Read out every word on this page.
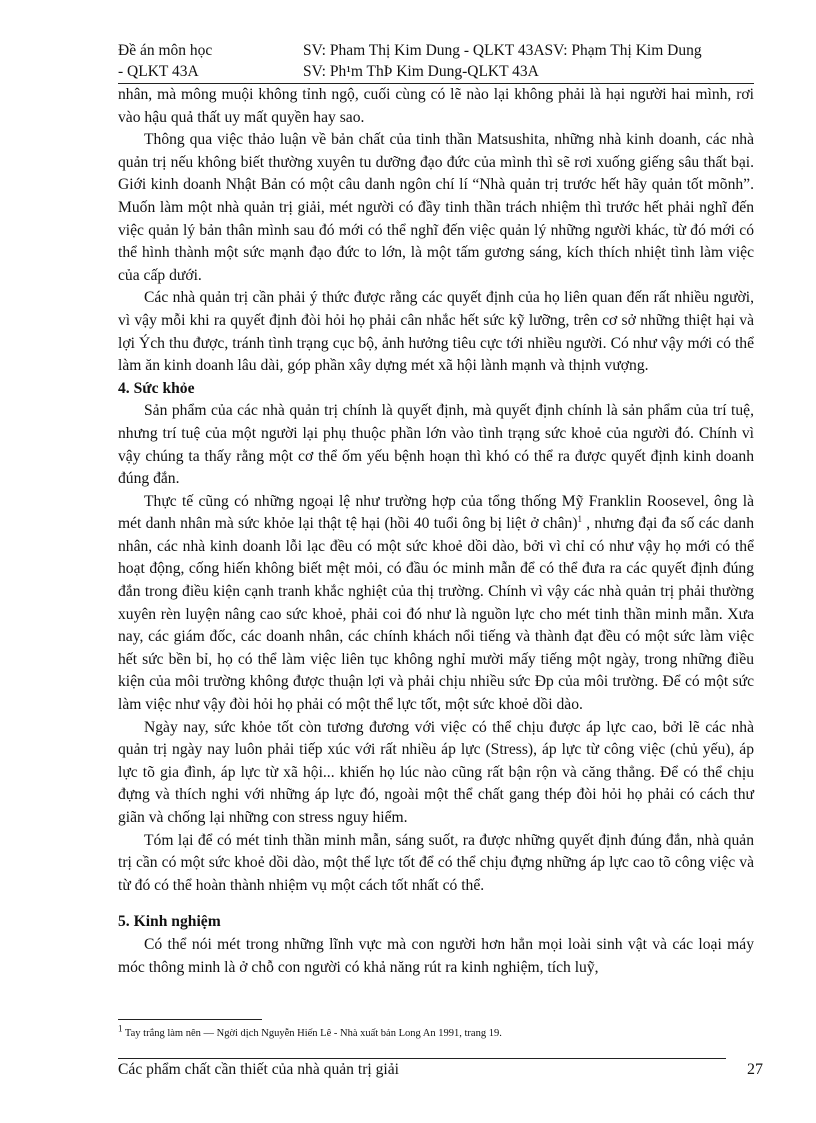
Đề án môn học	SV: Pham Thị Kim Dung - QLKT 43ASV: Phạm Thị Kim Dung
- QLKT 43A	SV: Ph¹m ThÞ Kim Dung-QLKT 43A

nhân, mà mông muội không tỉnh ngộ, cuối cùng có lẽ nào lại không phải là hại người hai mình, rơi vào hậu quả thất uy mất quyền hay sao.

Thông qua việc thảo luận về bản chất của tinh thần Matsushita, những nhà kinh doanh, các nhà quản trị nếu không biết thường xuyên tu dưỡng đạo đức của mình thì sẽ rơi xuống giếng sâu thất bại. Giới kinh doanh Nhật Bản có một câu danh ngôn chí lí “Nhà quản trị trước hết hãy quản tốt mõnh”. Muốn làm một nhà quản trị giải, mét người có đầy tinh thần trách nhiệm thì trước hết phải nghĩ đến việc quản lý bản thân mình sau đó mới có thể nghĩ đến việc quản lý những người khác, từ đó mới có thể hình thành một sức mạnh đạo đức to lớn, là một tấm gương sáng, kích thích nhiệt tình làm việc của cấp dưới.

Các nhà quản trị cần phải ý thức được rằng các quyết định của họ liên quan đến rất nhiều người, vì vậy mỗi khi ra quyết định đòi hỏi họ phải cân nhắc hết sức kỹ lưỡng, trên cơ sở những thiệt hại và lợi Ých thu được, tránh tình trạng cục bộ, ảnh hưởng tiêu cực tới nhiều người. Có như vậy mới có thể làm ăn kinh doanh lâu dài, góp phần xây dựng mét xã hội lành mạnh và thịnh vượng.

4. Sức khỏe

Sản phẩm của các nhà quản trị chính là quyết định, mà quyết định chính là sản phẩm của trí tuệ, nhưng trí tuệ của một người lại phụ thuộc phần lớn vào tình trạng sức khoẻ của người đó. Chính vì vậy chúng ta thấy rằng một cơ thể ốm yếu bệnh hoạn thì khó có thể ra được quyết định kinh doanh đúng đắn.

Thực tế cũng có những ngoại lệ như trường hợp của tổng thống Mỹ Franklin Roosevel, ông là mét danh nhân mà sức khỏe lại thật tệ hại (hồi 40 tuổi ông bị liệt ở chân)$^1$ , nhưng đại đa số các danh nhân, các nhà kinh doanh lỗi lạc đều có một sức khoẻ dồi dào, bởi vì chỉ có như vậy họ mới có thể hoạt động, cống hiến không biết mệt mỏi, có đầu óc minh mẫn để có thể đưa ra các quyết định đúng đắn trong điều kiện cạnh tranh khắc nghiệt của thị trường. Chính vì vậy các nhà quản trị phải thường xuyên rèn luyện nâng cao sức khoẻ, phải coi đó như là nguồn lực cho mét tinh thần minh mẫn. Xưa nay, các giám đốc, các doanh nhân, các chính khách nổi tiếng và thành đạt đều có một sức làm việc hết sức bền bỉ, họ có thể làm việc liên tục không nghỉ mười mấy tiếng một ngày, trong những điều kiện của môi trường không được thuận lợi và phải chịu nhiều sức Ðp của môi trường. Để có một sức làm việc như vậy đòi hỏi họ phải có một thể lực tốt, một sức khoẻ dồi dào.

Ngày nay, sức khỏe tốt còn tương đương với việc có thể chịu được áp lực cao, bởi lẽ các nhà quản trị ngày nay luôn phải tiếp xúc với rất nhiều áp lực (Stress), áp lực từ công việc (chủ yếu), áp lực tõ gia đình, áp lực từ xã hội... khiến họ lúc nào cũng rất bận rộn và căng thẳng. Để có thể chịu đựng và thích nghi với những áp lực đó, ngoài một thể chất gang thép đòi hỏi họ phải có cách thư giãn và chống lại những con stress nguy hiểm.

Tóm lại để có mét tinh thần minh mẫn, sáng suốt, ra được những quyết định đúng đắn, nhà quản trị cần có một sức khoẻ dồi dào, một thể lực tốt để có thể chịu đựng những áp lực cao tõ công việc và từ đó có thể hoàn thành nhiệm vụ một cách tốt nhất có thể.

5. Kinh nghiệm

Có thể nói mét trong những lĩnh vực mà con người hơn hẳn mọi loài sinh vật và các loại máy móc thông minh là ở chỗ con người có khả năng rút ra kinh nghiệm, tích luỹ,

$^1$ Tay trắng làm nên — Ngời dịch Nguyễn Hiến Lê - Nhà xuất bản Long An 1991, trang 19.
Các phẩm chất cần thiết của nhà quản trị giải	27
